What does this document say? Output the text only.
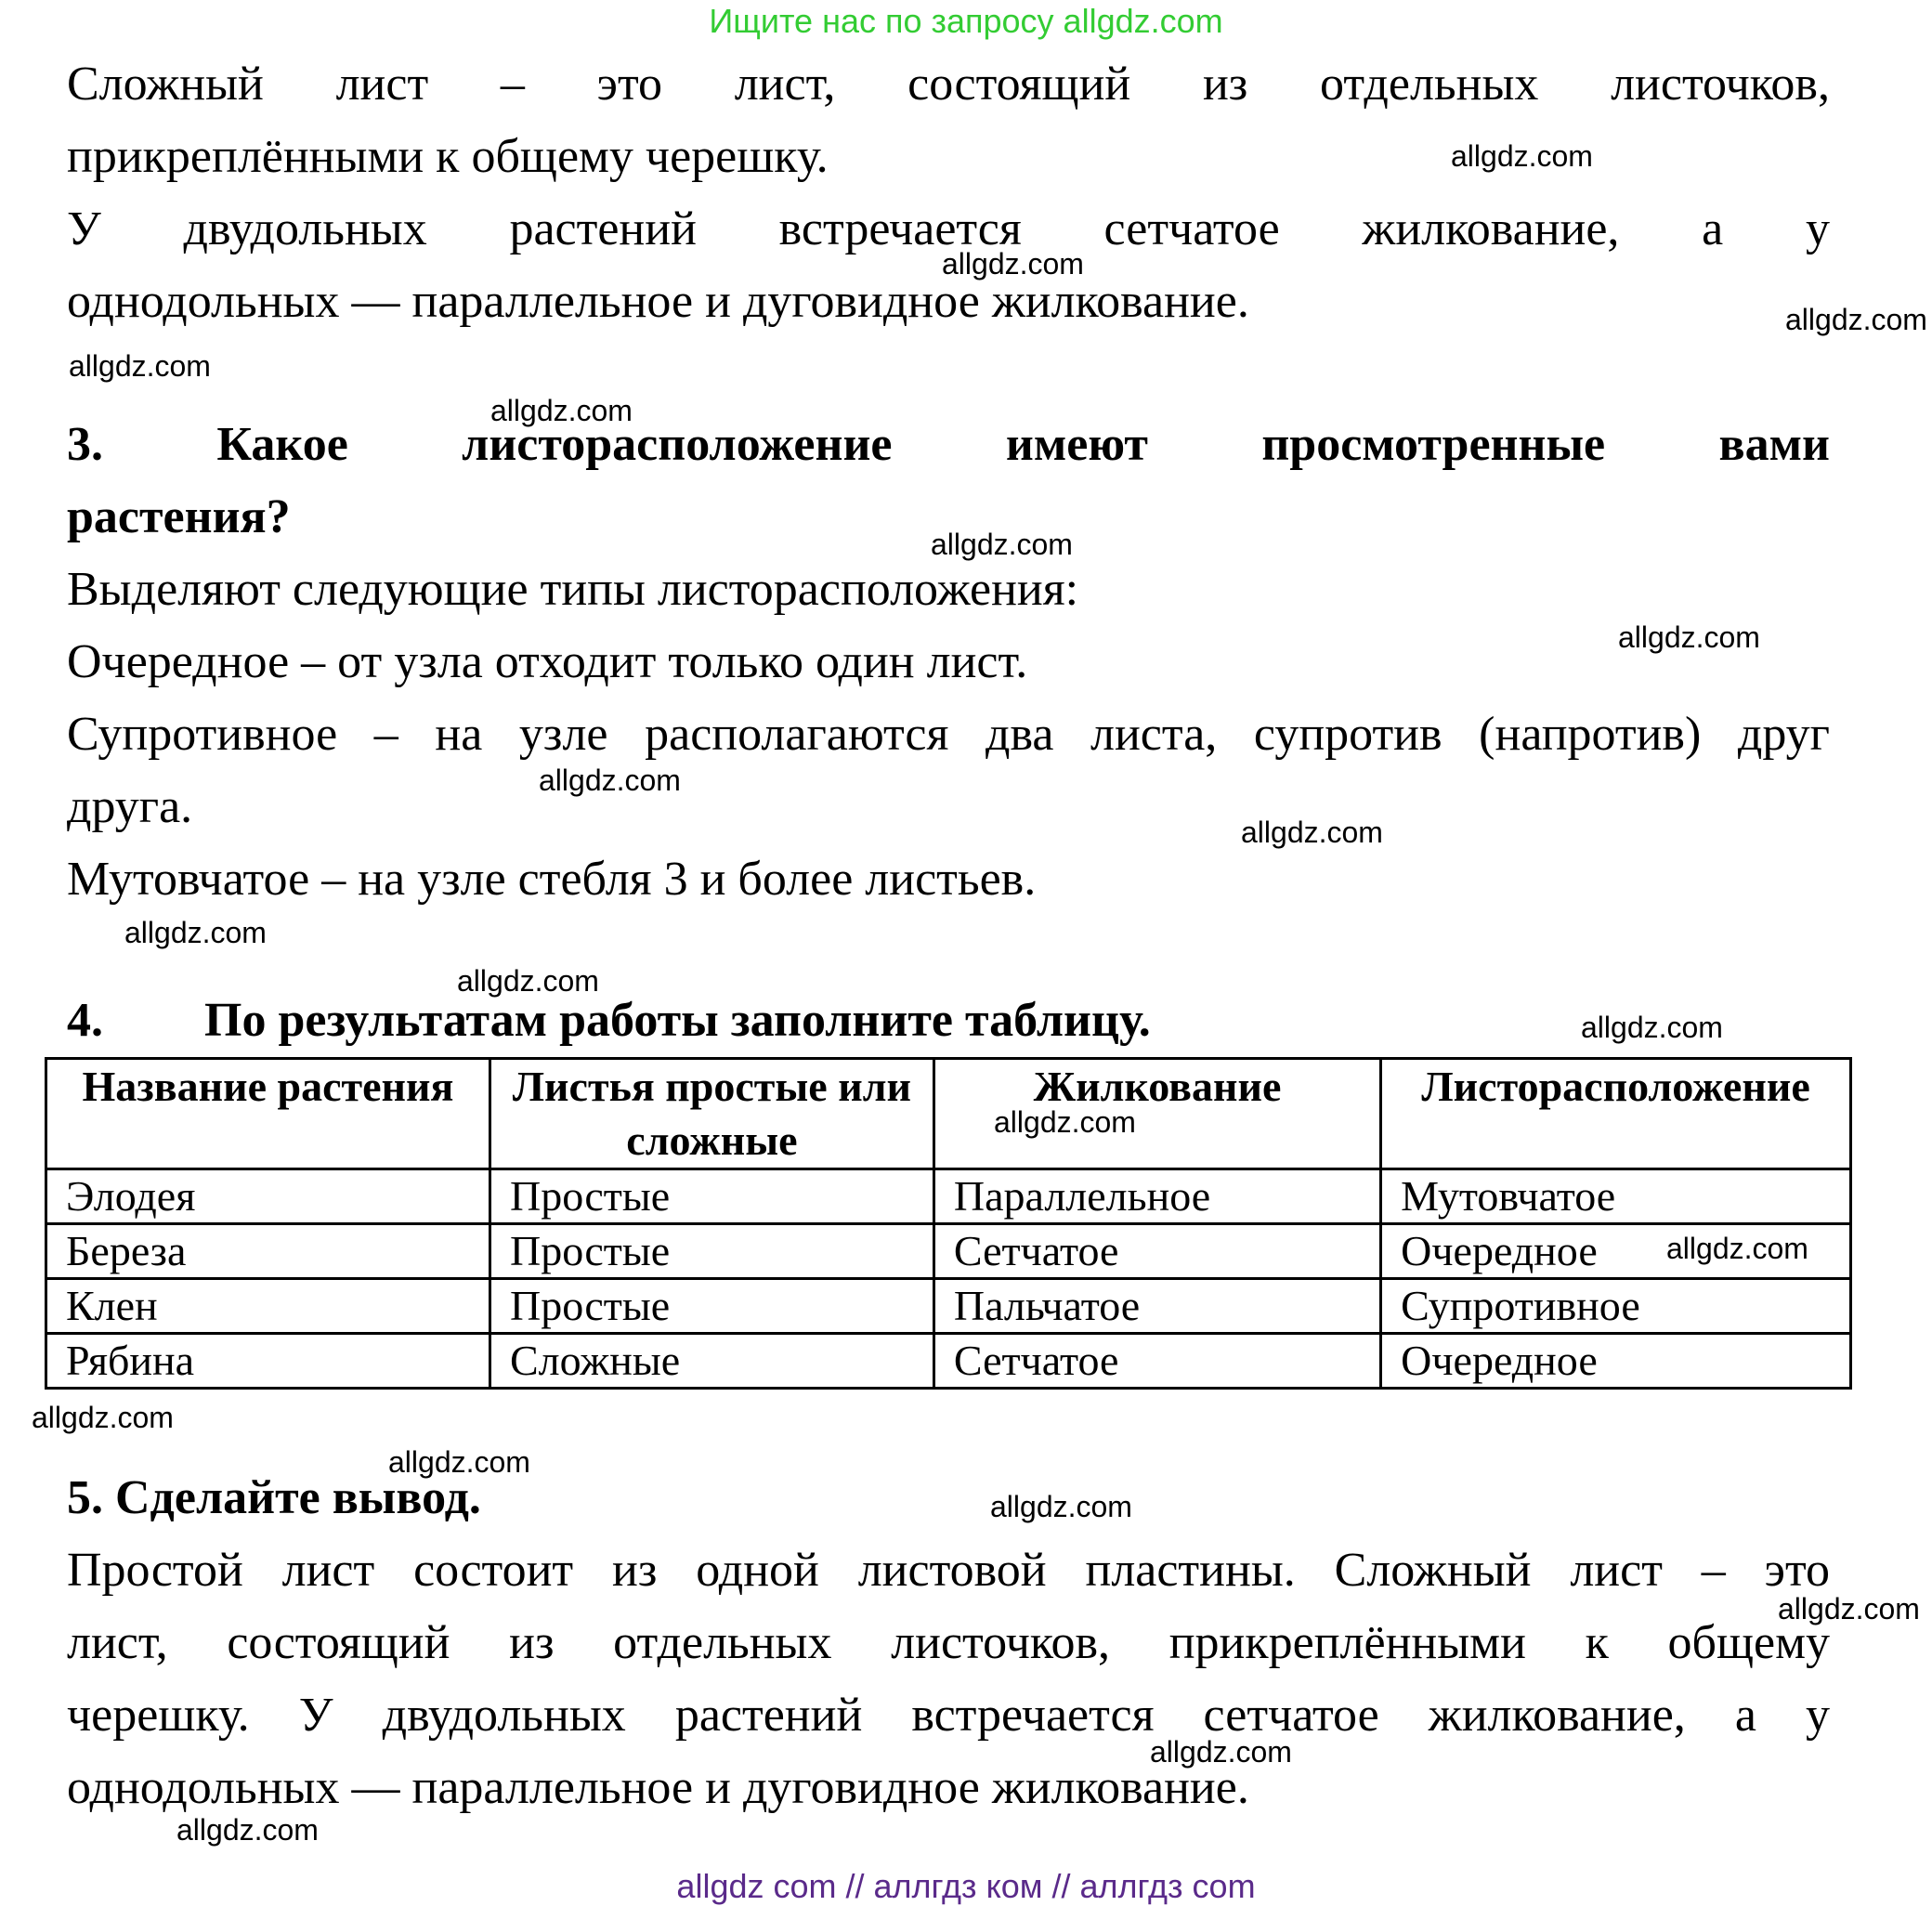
Ищите нас по запросу allgdz.com
Сложный лист – это лист, состоящий из отдельных листочков,
прикреплёнными к общему черешку.
У двудольных растений встречается сетчатое жилкование, а у
однодольных — параллельное и дуговидное жилкование.
3. Какое листорасположение имеют просмотренные вами
растения?
Выделяют следующие типы листорасположения:
Очередное – от узла отходит только один лист.
Супротивное – на узле располагаются два листа, супротив (напротив) друг
друга.
Мутовчатое – на узле стебля 3 и более листьев.
4. По результатам работы заполните таблицу.
Название растения	Листья простые или сложные	Жилкование	Листорасположение
Элодея	Простые	Параллельное	Мутовчатое
Береза	Простые	Сетчатое	Очередное
Клен	Простые	Пальчатое	Супротивное
Рябина	Сложные	Сетчатое	Очередное
5. Сделайте вывод.
Простой лист состоит из одной листовой пластины. Сложный лист – это
лист, состоящий из отдельных листочков, прикреплёнными к общему
черешку. У двудольных растений встречается сетчатое жилкование, а у
однодольных — параллельное и дуговидное жилкование.
allgdz.com
allgdz.com
allgdz.com
allgdz.com
allgdz.com
allgdz.com
allgdz.com
allgdz.com
allgdz.com
allgdz.com
allgdz.com
allgdz.com
allgdz.com
allgdz.com
allgdz.com
allgdz.com
allgdz.com
allgdz.com
allgdz.com
allgdz.com
allgdz com // аллгдз ком // аллгдз com
